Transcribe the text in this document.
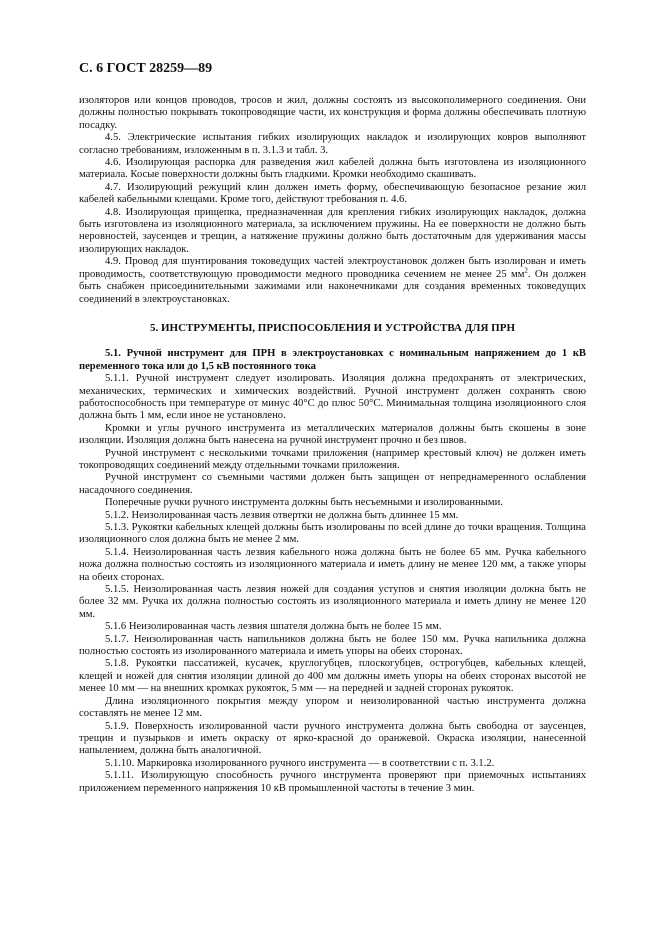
С. 6 ГОСТ 28259—89

изоляторов или концов проводов, тросов и жил, должны состоять из высокополимерного соединения. Они должны полностью покрывать токопроводящие части, их конструкция и форма должны обеспечивать плотную посадку.

4.5. Электрические испытания гибких изолирующих накладок и изолирующих ковров выполняют согласно требованиям, изложенным в п. 3.1.3 и табл. 3.

4.6. Изолирующая распорка для разведения жил кабелей должна быть изготовлена из изоляционного материала. Косые поверхности должны быть гладкими. Кромки необходимо скашивать.

4.7. Изолирующий режущий клин должен иметь форму, обеспечивающую безопасное резание жил кабелей кабельными клещами. Кроме того, действуют требования п. 4.6.

4.8. Изолирующая прищепка, предназначенная для крепления гибких изолирующих накладок, должна быть изготовлена из изоляционного материала, за исключением пружины. На ее поверхности не должно быть неровностей, заусенцев и трещин, а натяжение пружины должно быть достаточным для удерживания массы изолирующих накладок.

4.9. Провод для шунтирования токоведущих частей электроустановок должен быть изолирован и иметь проводимость, соответствующую проводимости медного проводника сечением не менее 25 $мм^2$. Он должен быть снабжен присоединительными зажимами или наконечниками для создания временных токоведущих соединений в электроустановках.

5. ИНСТРУМЕНТЫ, ПРИСПОСОБЛЕНИЯ И УСТРОЙСТВА ДЛЯ ПРН

5.1. Ручной инструмент для ПРН в электроустановках с номинальным напряжением до 1 кВ переменного тока или до 1,5 кВ постоянного тока

5.1.1. Ручной инструмент следует изолировать. Изоляция должна предохранять от электрических, механических, термических и химических воздействий. Ручной инструмент должен сохранять свою работоспособность при температуре от минус 40°С до плюс 50°С. Минимальная толщина изоляционного слоя должна быть 1 мм, если иное не установлено.

Кромки и углы ручного инструмента из металлических материалов должны быть скошены в зоне изоляции. Изоляция должна быть нанесена на ручной инструмент прочно и без швов.

Ручной инструмент с несколькими точками приложения (например крестовый ключ) не должен иметь токопроводящих соединений между отдельными точками приложения.

Ручной инструмент со съемными частями должен быть защищен от непреднамеренного ослабления насадочного соединения.

Поперечные ручки ручного инструмента должны быть несъемными и изолированными.

5.1.2. Неизолированная часть лезвия отвертки не должна быть длиннее 15 мм.

5.1.3. Рукоятки кабельных клещей должны быть изолированы по всей длине до точки вращения. Толщина изоляционного слоя должна быть не менее 2 мм.

5.1.4. Неизолированная часть лезвия кабельного ножа должна быть не более 65 мм. Ручка кабельного ножа должна полностью состоять из изоляционного материала и иметь длину не менее 120 мм, а также упоры на обеих сторонах.

5.1.5. Неизолированная часть лезвия ножей для создания уступов и снятия изоляции должна быть не более 32 мм. Ручка их должна полностью состоять из изоляционного материала и иметь длину не менее 120 мм.

5.1.6 Неизолированная часть лезвия шпателя должна быть не более 15 мм.

5.1.7. Неизолированная часть напильников должна быть не более 150 мм. Ручка напильника должна полностью состоять из изолированного материала и иметь упоры на обеих сторонах.

5.1.8. Рукоятки пассатижей, кусачек, круглогубцев, плоскогубцев, острогубцев, кабельных клещей, клещей и ножей для снятия изоляции длиной до 400 мм должны иметь упоры на обеих сторонах высотой не менее 10 мм — на внешних кромках рукояток, 5 мм — на передней и задней сторонах рукояток.

Длина изоляционного покрытия между упором и неизолированной частью инструмента должна составлять не менее 12 мм.

5.1.9. Поверхность изолированной части ручного инструмента должна быть свободна от заусенцев, трещин и пузырьков и иметь окраску от ярко-красной до оранжевой. Окраска изоляции, нанесенной напылением, должна быть аналогичной.

5.1.10. Маркировка изолированного ручного инструмента — в соответствии с п. 3.1.2.

5.1.11. Изолирующую способность ручного инструмента проверяют при приемочных испытаниях приложением переменного напряжения 10 кВ промышленной частоты в течение 3 мин.
